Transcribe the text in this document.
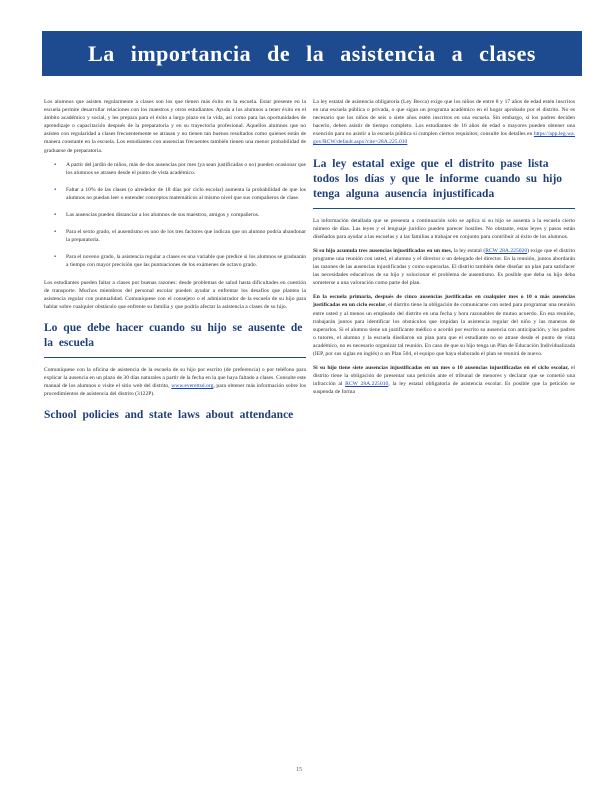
La importancia de la asistencia a clases

Los alumnos que asisten regularmente a clases son los que tienen más éxito en la escuela. Estar presente en la escuela permite desarrollar relaciones con los maestros y otros estudiantes. Ayuda a los alumnos a tener éxito en el ámbito académico y social, y les prepara para el éxito a largo plazo en la vida, así como para las oportunidades de aprendizaje o capacitación después de la preparatoria y en su trayectoria profesional. Aquellos alumnos que no asisten con regularidad a clases frecuentemente se atrasan y no tienen tan buenos resultados como quienes están de manera constante en la escuela. Los estudiantes con ausencias frecuentes también tienen una menor probabilidad de graduarse de preparatoria.

▪ A partir del jardín de niños, más de dos ausencias por mes (ya sean justificadas o no) pueden ocasionar que los alumnos se atrasen desde el punto de vista académico.
▪ Faltar a 10% de las clases (o alrededor de 18 días por ciclo escolar) aumenta la probabilidad de que los alumnos no puedan leer o entender conceptos matemáticos al mismo nivel que sus compañeros de clase.
▪ Las ausencias pueden distanciar a los alumnos de sus maestros, amigos y compañeros.
▪ Para el sexto grado, el ausentismo es uno de los tres factores que indican que un alumno podría abandonar la preparatoria.
▪ Para el noveno grado, la asistencia regular a clases es una variable que predice si los alumnos se graduarán a tiempo con mayor precisión que las puntuaciones de los exámenes de octavo grado.

Los estudiantes pueden faltar a clases por buenas razones: desde problemas de salud hasta dificultades en cuestión de transporte. Muchos miembros del personal escolar pueden ayudar a enfrentar los desafíos que plantea la asistencia regular con puntualidad. Comuníquese con el consejero o el administrador de la escuela de su hijo para hablar sobre cualquier obstáculo que enfrente su familia y que podría afectar la asistencia a clases de su hijo.

Lo que debe hacer cuando su hijo se ausente de la escuela

Comuníquese con la oficina de asistencia de la escuela de su hijo por escrito (de preferencia) o por teléfono para explicar la ausencia en un plazo de 30 días naturales a partir de la fecha en la que haya faltado a clases. Consulte este manual de los alumnos o visite el sitio web del distrito, www.everettsd.org, para obtener más información sobre los procedimientos de asistencia del distrito (3122P).

School policies and state laws about attendance

La ley estatal de asistencia obligatoria (Ley Becca) exige que los niños de entre 8 y 17 años de edad estén inscritos en una escuela pública o privada, o que sigan un programa académico en el hogar aprobado por el distrito. No es necesario que los niños de seis o siete años estén inscritos en una escuela. Sin embargo, si los padres deciden hacerlo, deben asistir de tiempo completo. Los estudiantes de 16 años de edad o mayores pueden obtener una exención para no asistir a la escuela pública si cumplen ciertos requisitos; consulte los detalles en https://app.leg.wa.gov/RCW/default.aspx?cite=28A.225.010

La ley estatal exige que el distrito pase lista todos los días y que le informe cuando su hijo tenga alguna ausencia injustificada

La información detallada que se presenta a continuación solo se aplica si su hijo se ausenta a la escuela cierto número de días. Las leyes y el lenguaje jurídico pueden parecer hostiles. No obstante, estas leyes y pasos están diseñados para ayudar a las escuelas y a las familias a trabajar en conjunto para contribuir al éxito de los alumnos.

Si su hijo acumula tres ausencias injustificadas en un mes, la ley estatal (RCW 28A.225020) exige que el distrito programe una reunión con usted, el alumno y el director o un delegado del director. En la reunión, juntos abordarán las razones de las ausencias injustificadas y como superarlas. El distrito también debe diseñar un plan para satisfacer las necesidades educativas de su hijo y solucionar el problema de ausentismo. Es posible que deba su hijo deba someterse a una valoración como parte del plan.

En la escuela primaria, después de cinco ausencias justificadas en cualquier mes o 10 o más ausencias justificadas en un ciclo escolar, el distrito tiene la obligación de comunicarse con usted para programar una reunión entre usted y al menos un empleado del distrito en una fecha y hora razonables de mutuo acuerdo. En esa reunión, trabajarán juntos para identificar los obstáculos que impidan la asistencia regular del niño y las maneras de superarlos. Si el alumno tiene un justificante médico o acordó por escrito su ausencia con anticipación, y los padres o tutores, el alumno y la escuela diseñaron un plan para que el estudiante no se atrase desde el punto de vista académico, no es necesario organizar tal reunión. En caso de que su hijo tenga un Plan de Educación Individualizada (IEP, por sus siglas en inglés) o un Plan 504, el equipo que haya elaborado el plan se reunirá de nuevo.

Si su hijo tiene siete ausencias injustificadas en un mes o 10 ausencias injustificadas en el ciclo escolar, el distrito tiene la obligación de presentar una petición ante el tribunal de menores y declarar que se cometió una infracción al RCW 28A.225010, la ley estatal obligatoria de asistencia escolar. Es posible que la petición se suspenda de forma

15
